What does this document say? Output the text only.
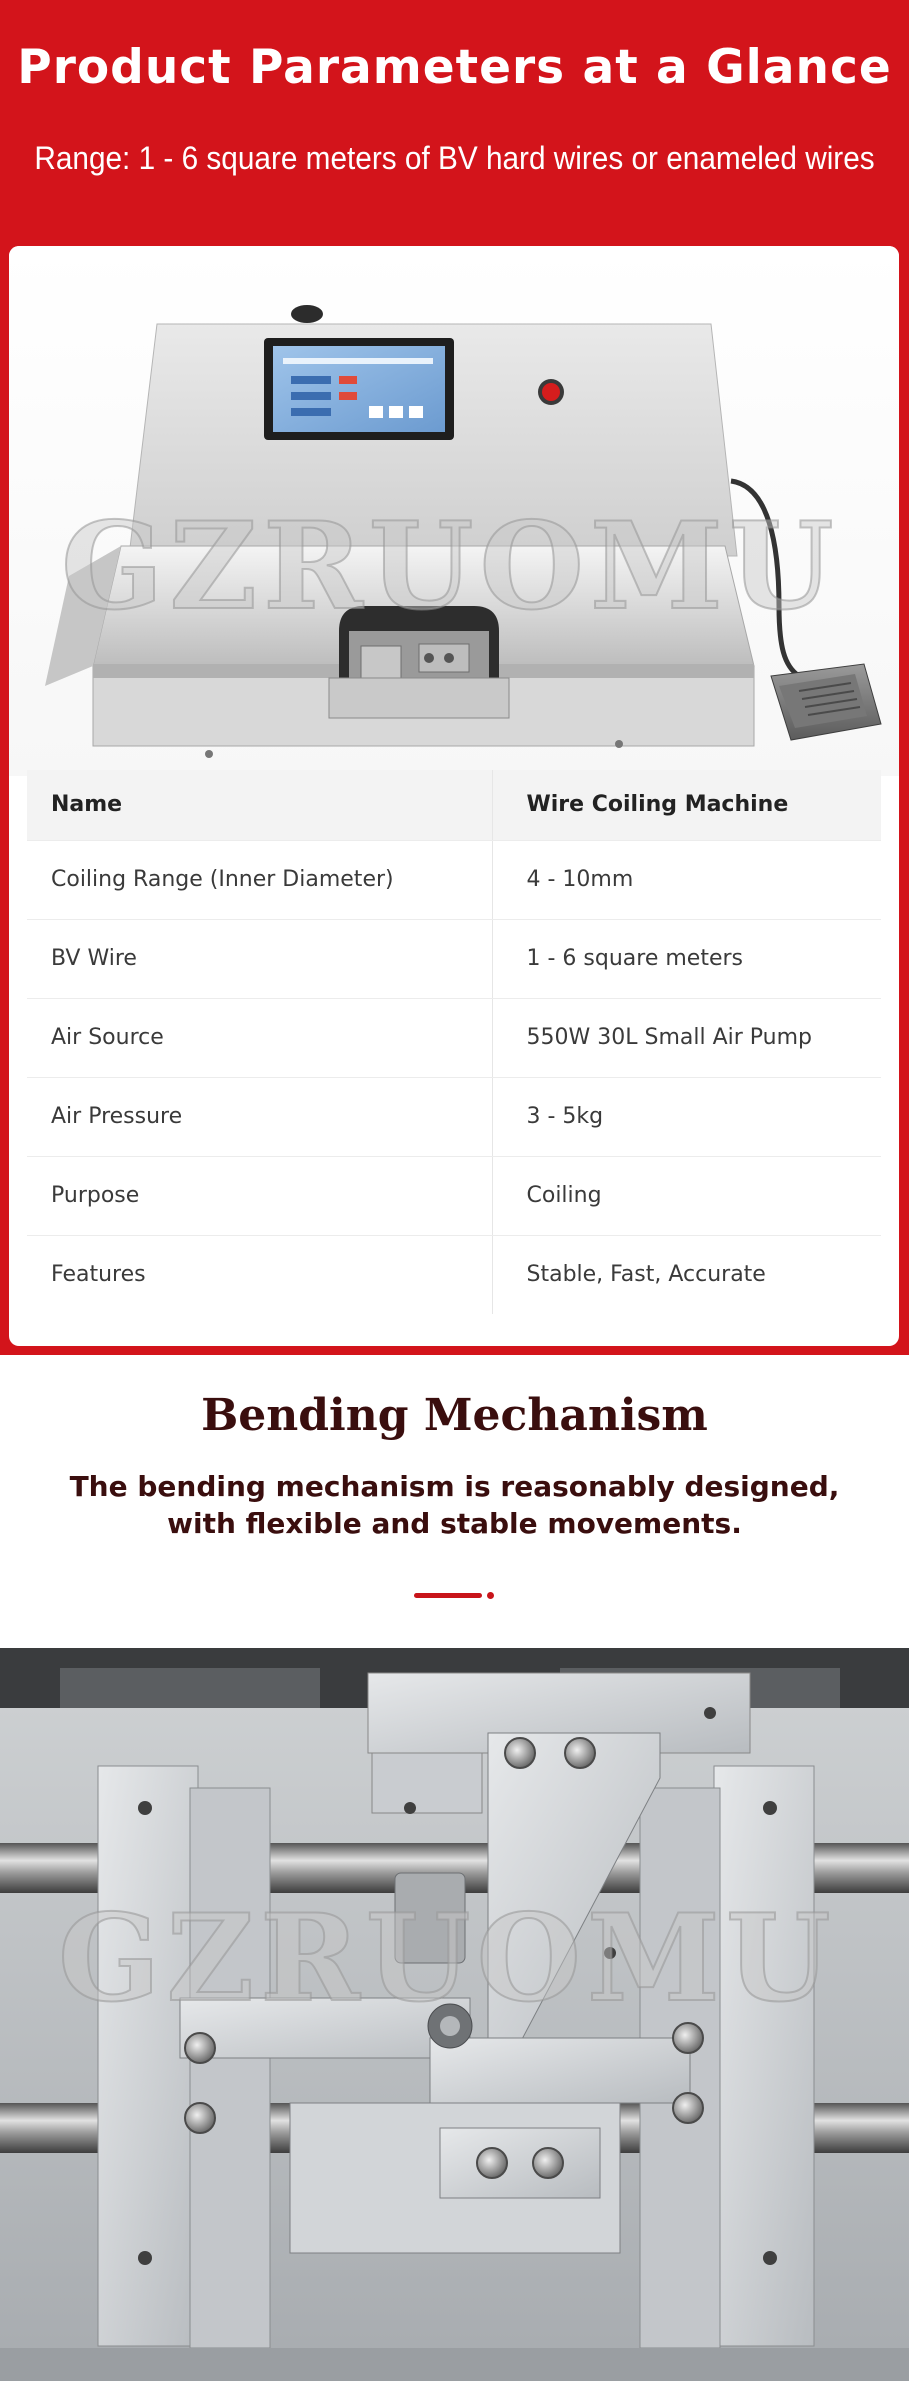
Product Parameters at a Glance

Range: 1 - 6 square meters of BV hard wires or enameled wires

GZRUOMU
Name	Wire Coiling Machine
Coiling Range (Inner Diameter)	4 - 10mm
BV Wire	1 - 6 square meters
Air Source	550W 30L Small Air Pump
Air Pressure	3 - 5kg
Purpose	Coiling
Features	Stable, Fast, Accurate
Bending Mechanism

The bending mechanism is reasonably designed,
with flexible and stable movements.

GZRUOMU
